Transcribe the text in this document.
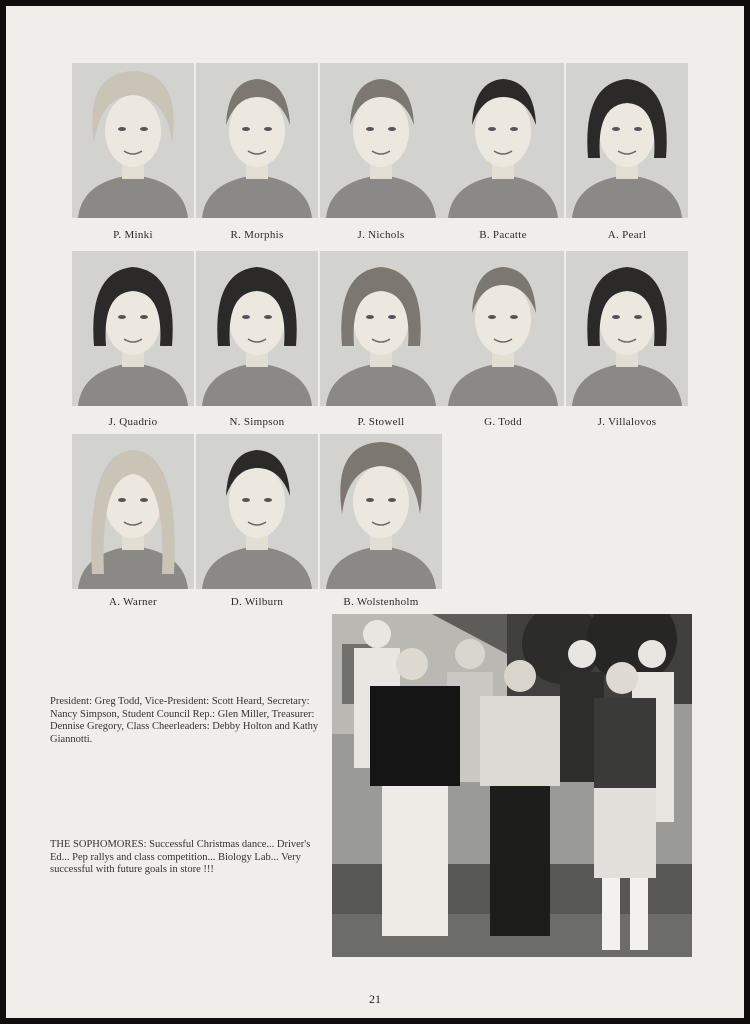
P. Minki	R. Morphis	J. Nichols	B. Pacatte	A. Pearl
J. Quadrio	N. Simpson	P. Stowell	G. Todd	J. Villalovos
A. Warner	D. Wilburn	B. Wolstenholm
President: Greg Todd, Vice-President: Scott Heard, Secretary: Nancy Simpson, Student Council Rep.: Glen Miller, Treasurer: Dennise Gregory, Class Cheerleaders: Debby Holton and Kathy Giannotti.
THE SOPHOMORES: Successful Christmas dance... Driver's Ed... Pep rallys and class competition... Biology Lab... Very successful with future goals in store !!!
21
